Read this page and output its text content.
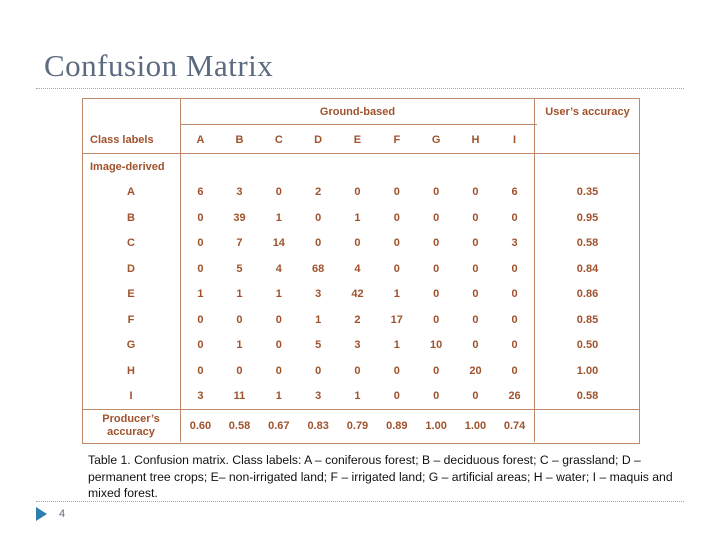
Confusion Matrix
	Ground-based									User’s accuracy
Class labels	A	B	C	D	E	F	G	H	I	
Image-derived										
A	6	3	0	2	0	0	0	0	6	0.35
B	0	39	1	0	1	0	0	0	0	0.95
C	0	7	14	0	0	0	0	0	3	0.58
D	0	5	4	68	4	0	0	0	0	0.84
E	1	1	1	3	42	1	0	0	0	0.86
F	0	0	0	1	2	17	0	0	0	0.85
G	0	1	0	5	3	1	10	0	0	0.50
H	0	0	0	0	0	0	0	20	0	1.00
I	3	11	1	3	1	0	0	0	26	0.58
Producer’s accuracy	0.60	0.58	0.67	0.83	0.79	0.89	1.00	1.00	0.74	
Table 1. Confusion matrix. Class labels: A – coniferous forest; B – deciduous forest; C – grassland; D – permanent tree crops; E– non-irrigated land; F – irrigated land; G – artificial areas; H – water; I – maquis and mixed forest.
4
